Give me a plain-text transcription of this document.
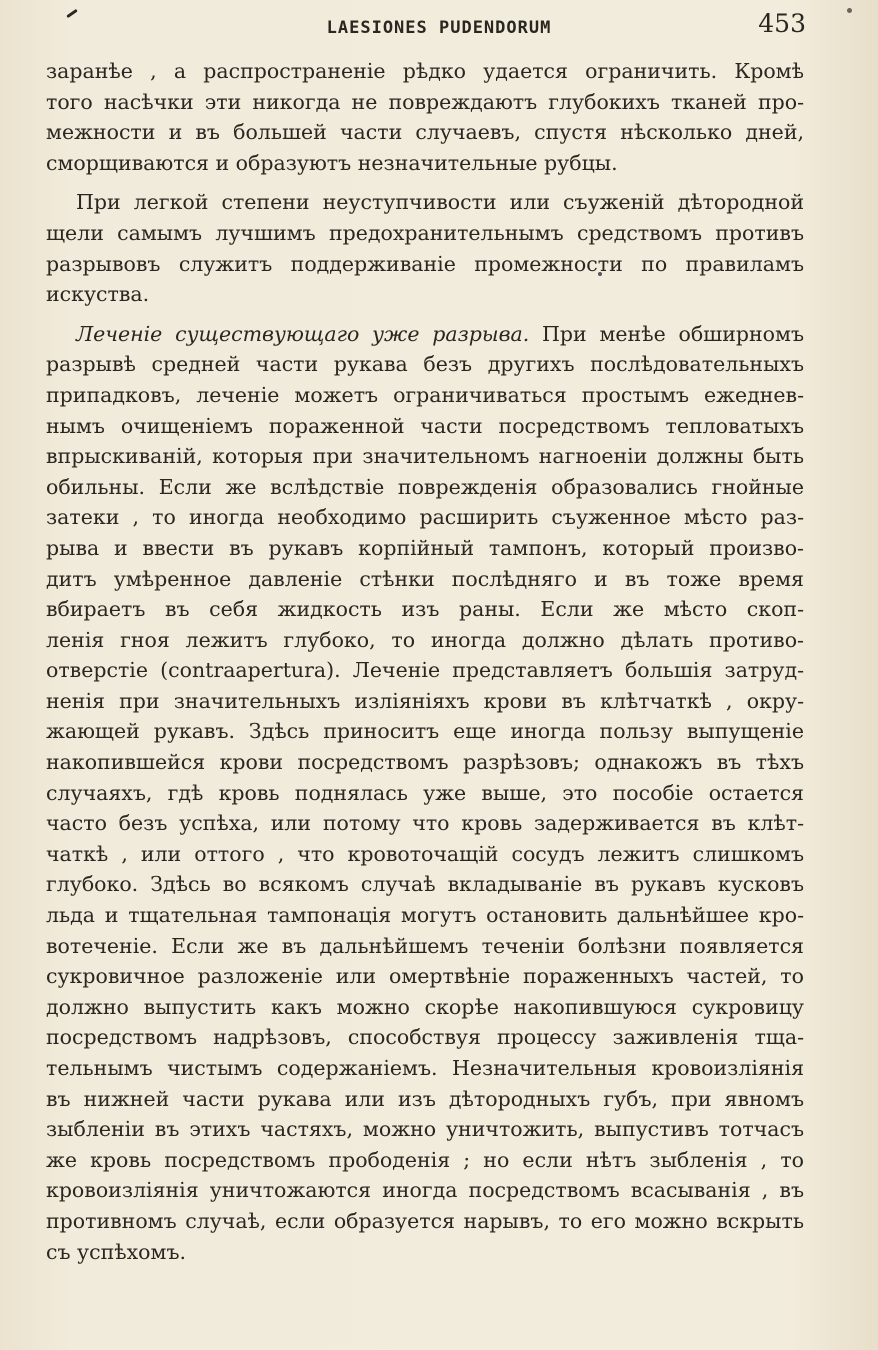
LAESIONES PUDENDORUM	453
заранѣе , а распространеніе рѣдко удается ограничить. Кромѣ
того насѣчки эти никогда не повреждаютъ глубокихъ тканей про-
межности и въ большей части случаевъ, спустя нѣсколько дней,
сморщиваются и образуютъ незначительные рубцы.
При легкой степени неуступчивости или съуженій дѣтородной
щели самымъ лучшимъ предохранительнымъ средствомъ противъ
разрывовъ служитъ поддерживаніе промежности по правиламъ
искуства.
Леченіе существующаго уже разрыва. При менѣе обширномъ
разрывѣ средней части рукава безъ другихъ послѣдовательныхъ
припадковъ, леченіе можетъ ограничиваться простымъ ежеднев-
нымъ очищеніемъ пораженной части посредствомъ тепловатыхъ
впрыскиваній, которыя при значительномъ нагноеніи должны быть
обильны. Если же вслѣдствіе поврежденія образовались гнойные
затеки , то иногда необходимо расширить съуженное мѣсто раз-
рыва и ввести въ рукавъ корпійный тампонъ, который произво-
дитъ умѣренное давленіе стѣнки послѣдняго и въ тоже время
вбираетъ въ себя жидкость изъ раны. Если же мѣсто скоп-
ленія гноя лежитъ глубоко, то иногда должно дѣлать противо-
отверстіе (contraapertura). Леченіе представляетъ большія затруд-
ненія при значительныхъ изліяніяхъ крови въ клѣтчаткѣ , окру-
жающей рукавъ. Здѣсь приноситъ еще иногда пользу выпущеніе
накопившейся крови посредствомъ разрѣзовъ; однакожъ въ тѣхъ
случаяхъ, гдѣ кровь поднялась уже выше, это пособіе остается
часто безъ успѣха, или потому что кровь задерживается въ клѣт-
чаткѣ , или оттого , что кровоточащій сосудъ лежитъ слишкомъ
глубоко. Здѣсь во всякомъ случаѣ вкладываніе въ рукавъ кусковъ
льда и тщательная тампонація могутъ остановить дальнѣйшее кро-
вотеченіе. Если же въ дальнѣйшемъ теченіи болѣзни появляется
сукровичное разложеніе или омертвѣніе пораженныхъ частей, то
должно выпустить какъ можно скорѣе накопившуюся сукровицу
посредствомъ надрѣзовъ, способствуя процессу заживленія тща-
тельнымъ чистымъ содержаніемъ. Незначительныя кровоизліянія
въ нижней части рукава или изъ дѣтородныхъ губъ, при явномъ
зыбленіи въ этихъ частяхъ, можно уничтожить, выпустивъ тотчасъ
же кровь посредствомъ прободенія ; но если нѣтъ зыбленія , то
кровоизліянія уничтожаются иногда посредствомъ всасыванія , въ
противномъ случаѣ, если образуется нарывъ, то его можно вскрыть
съ успѣхомъ.
